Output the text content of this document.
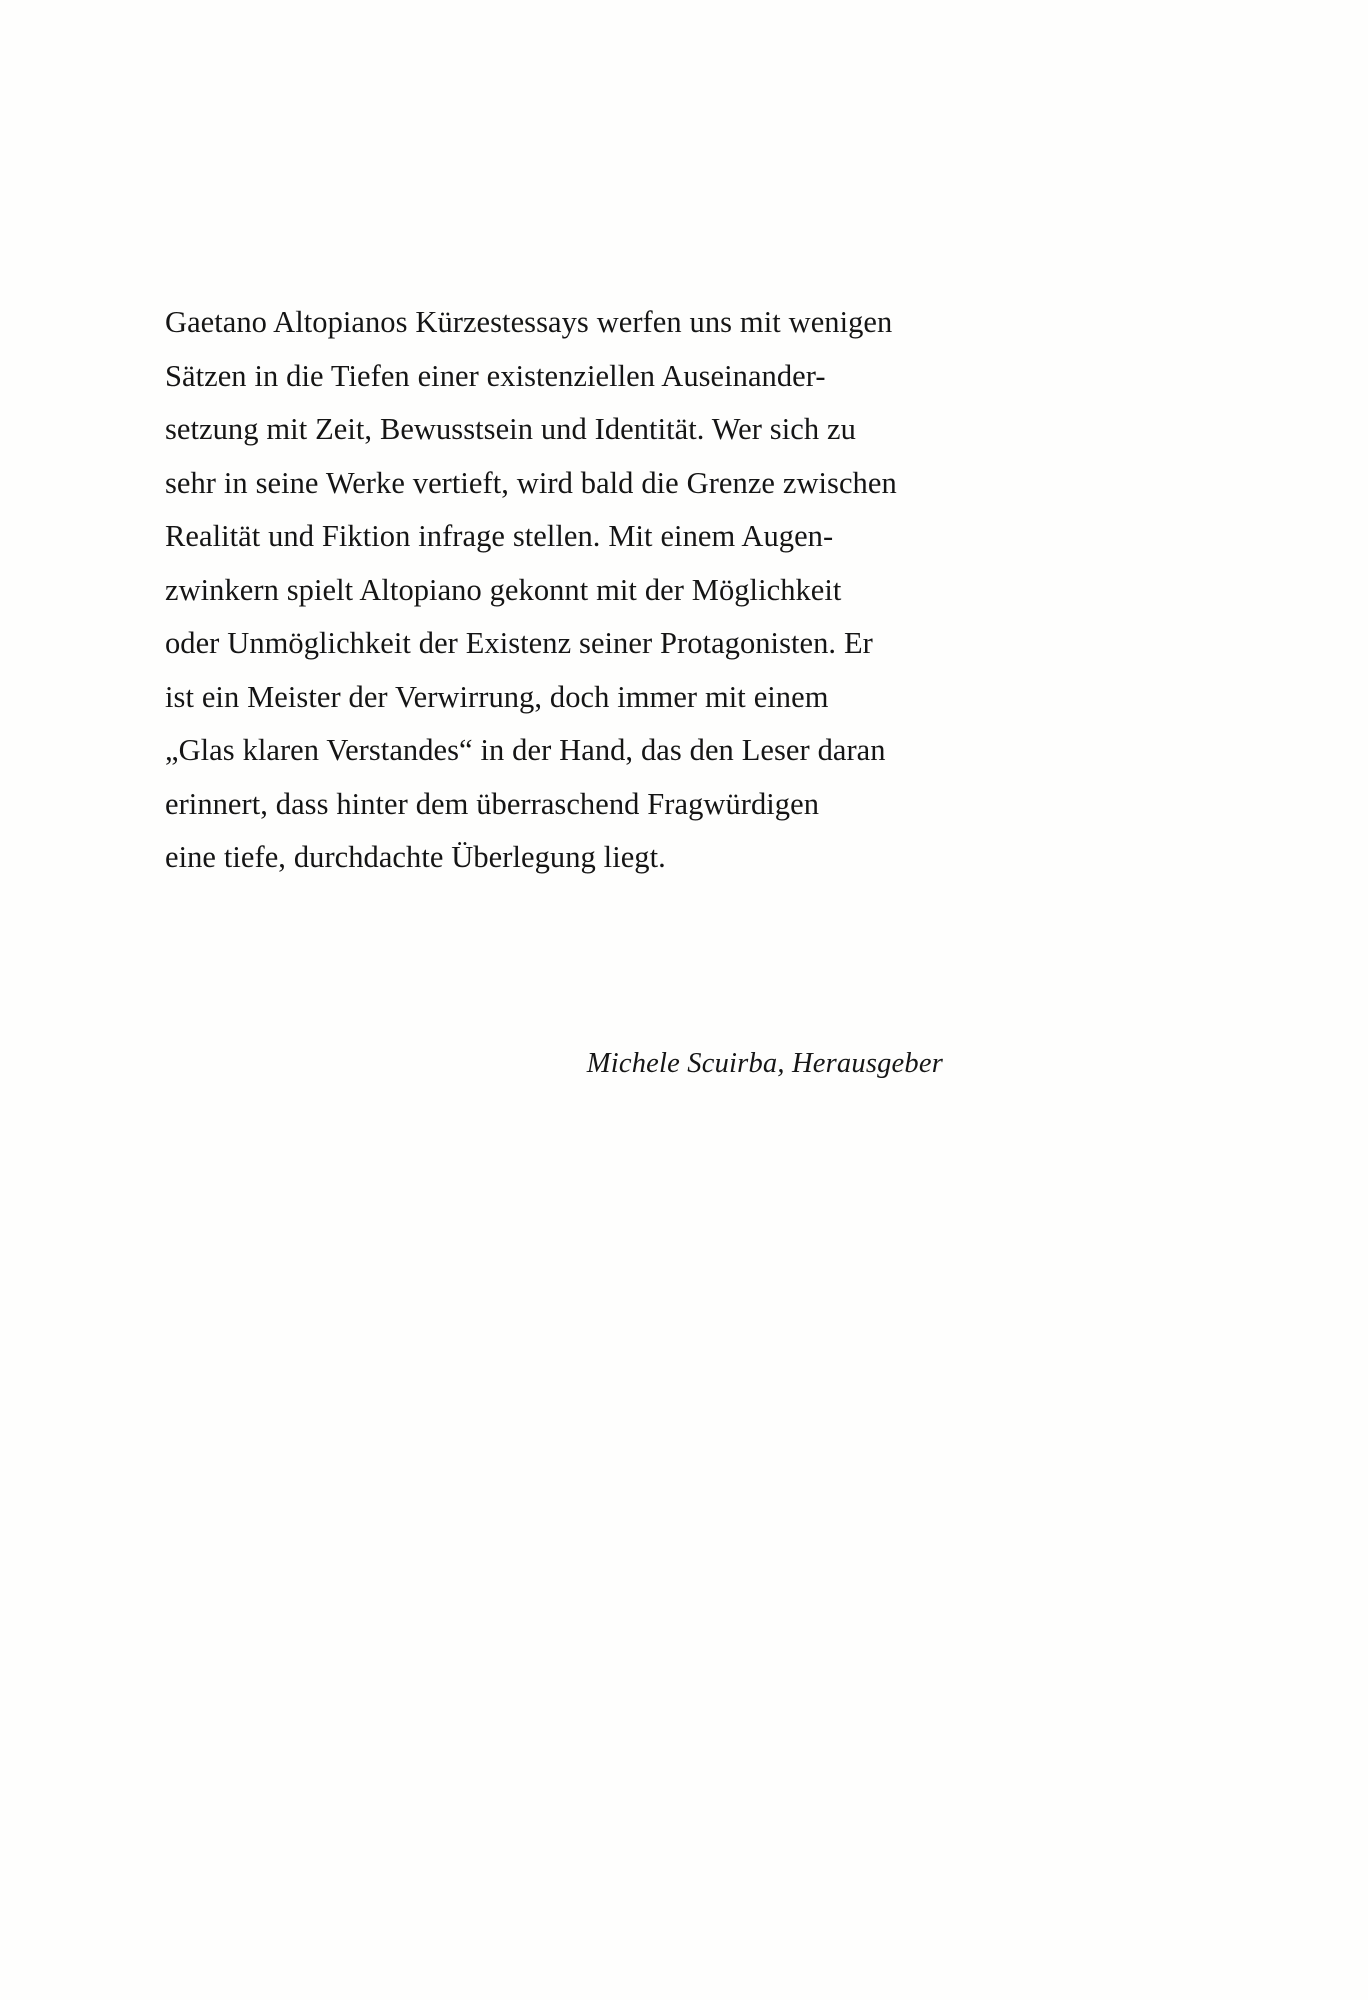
Gaetano Altopianos Kürzestessays werfen uns mit wenigen
Sätzen in die Tiefen einer existenziellen Auseinander-
setzung mit Zeit, Bewusstsein und Identität. Wer sich zu
sehr in seine Werke vertieft, wird bald die Grenze zwischen
Realität und Fiktion infrage stellen. Mit einem Augen-
zwinkern spielt Altopiano gekonnt mit der Möglichkeit
oder Unmöglichkeit der Existenz seiner Protagonisten. Er
ist ein Meister der Verwirrung, doch immer mit einem
„Glas klaren Verstandes“ in der Hand, das den Leser daran
erinnert, dass hinter dem überraschend Fragwürdigen
eine tiefe, durchdachte Überlegung liegt.

Michele Scuirba, Herausgeber
